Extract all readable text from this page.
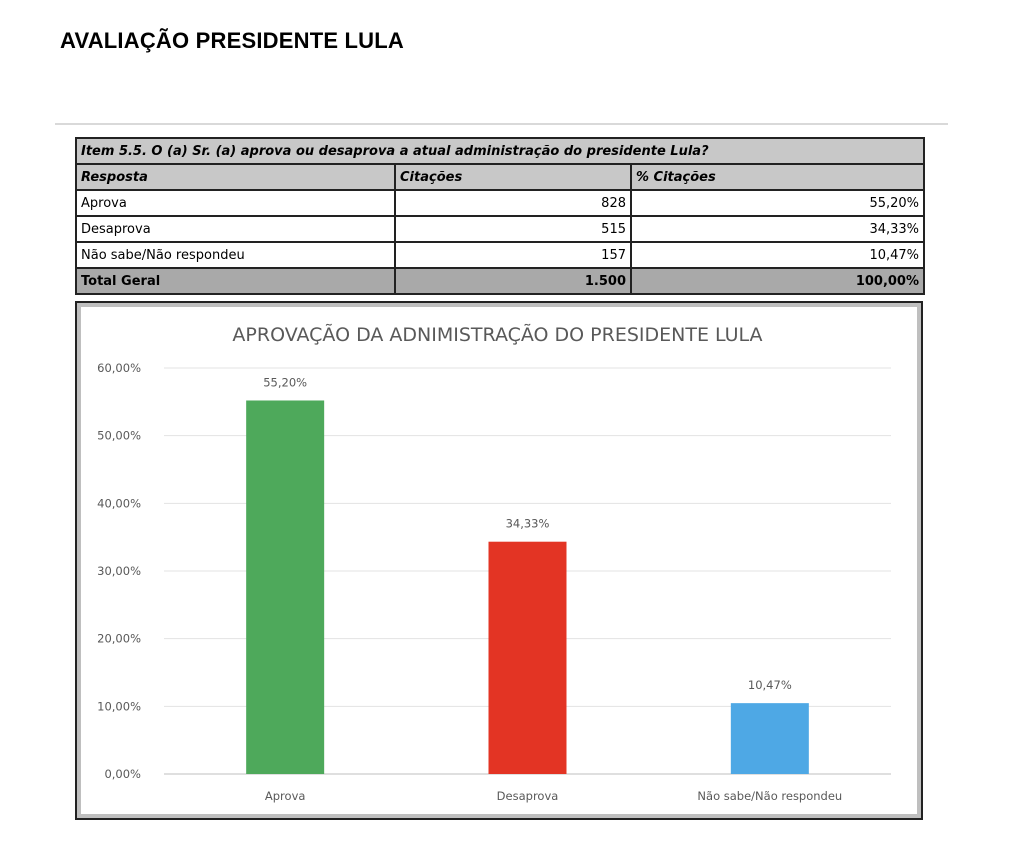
AVALIAÇÃO PRESIDENTE LULA
Item 5.5. O (a) Sr. (a) aprova ou desaprova a atual administração do presidente Lula?		
Resposta	Citações	% Citações
Aprova	828	55,20%
Desaprova	515	34,33%
Não sabe/Não respondeu	157	10,47%
Total Geral	1.500	100,00%
APROVAÇÃO DA ADNIMISTRAÇÃO DO PRESIDENTE LULA
0,00%
10,00%
20,00%
30,00%
40,00%
50,00%
60,00%
55,20%
Aprova
34,33%
Desaprova
10,47%
Não sabe/Não respondeu
